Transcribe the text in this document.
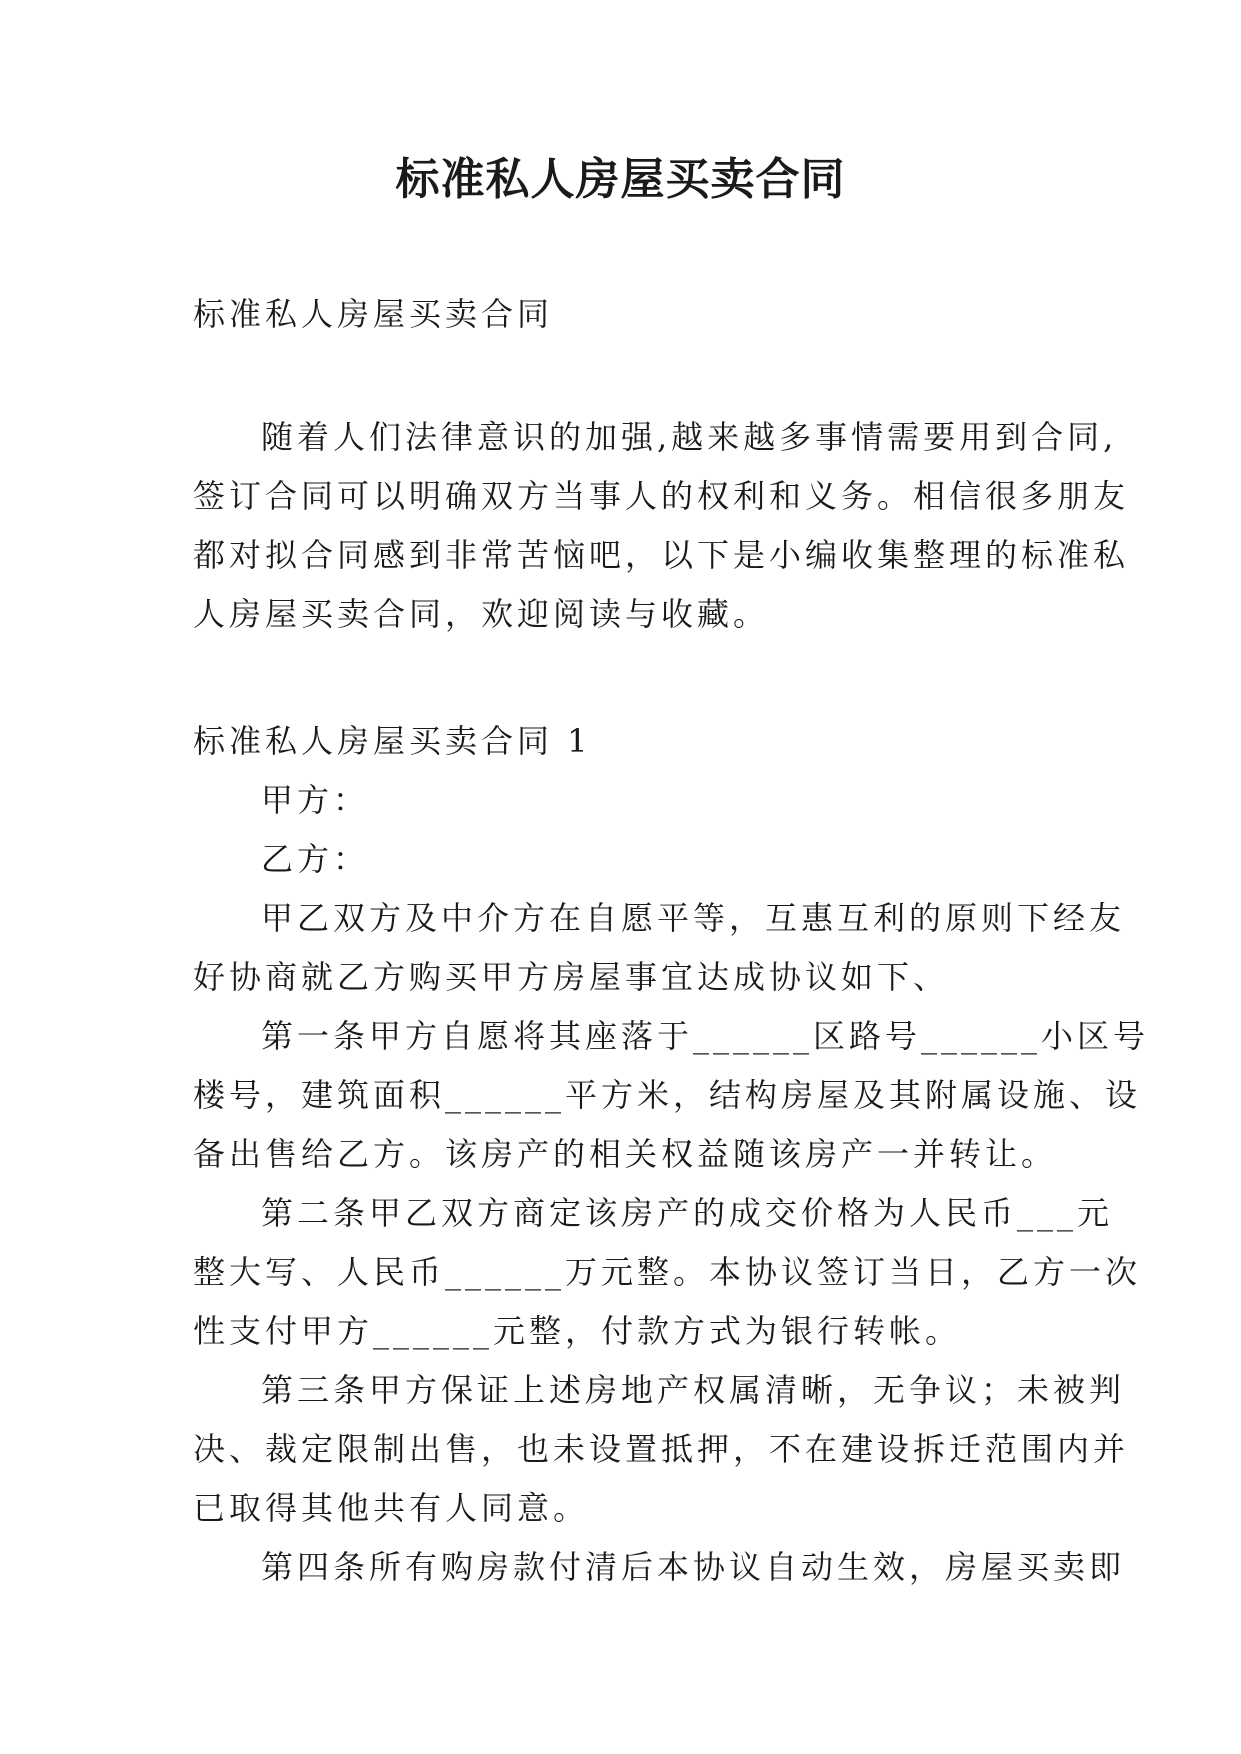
标准私人房屋买卖合同

标准私人房屋买卖合同

随着人们法律意识的加强,越来越多事情需要用到合同,

签订合同可以明确双方当事人的权利和义务。相信很多朋友

都对拟合同感到非常苦恼吧，以下是小编收集整理的标准私

人房屋买卖合同，欢迎阅读与收藏。

标准私人房屋买卖合同 1

甲方：

乙方：

甲乙双方及中介方在自愿平等，互惠互利的原则下经友

好协商就乙方购买甲方房屋事宜达成协议如下、

第一条甲方自愿将其座落于______区路号______小区号

楼号，建筑面积______平方米，结构房屋及其附属设施、设

备出售给乙方。该房产的相关权益随该房产一并转让。

第二条甲乙双方商定该房产的成交价格为人民币___元

整大写、人民币______万元整。本协议签订当日，乙方一次

性支付甲方______元整，付款方式为银行转帐。

第三条甲方保证上述房地产权属清晰，无争议；未被判

决、裁定限制出售，也未设置抵押，不在建设拆迁范围内并

已取得其他共有人同意。

第四条所有购房款付清后本协议自动生效，房屋买卖即
